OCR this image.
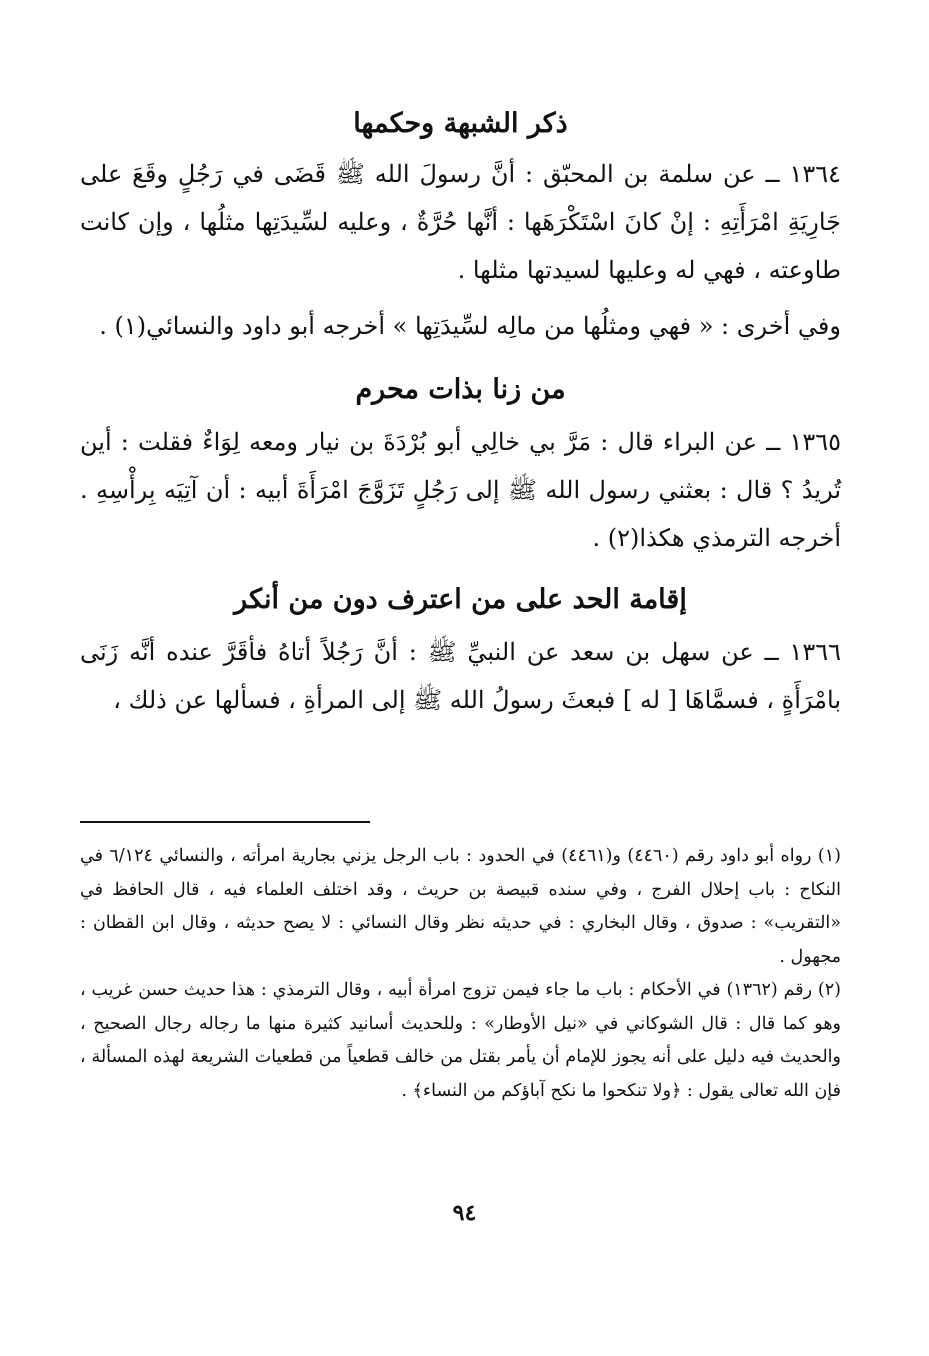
ذكر الشبهة وحكمها

١٣٦٤ ــ عن سلمة بن المحبّق : أنَّ رسولَ الله ﷺ قَضَى في رَجُلٍ وقَعَ على جَارِيَةِ امْرَأَتِهِ : إنْ كانَ اسْتَكْرَهَها : أنَّها حُرَّةٌ ، وعليه لسِّيدَتِها مثلُها ، وإن كانت طاوعته ، فهي له وعليها لسيدتها مثلها .

وفي أخرى : « فهي ومثلُها من مالِه لسِّيدَتِها » أخرجه أبو داود والنسائي(١) .

من زنا بذات محرم

١٣٦٥ ــ عن البراء قال : مَرَّ بي خالِي أبو بُرْدَةَ بن نيار ومعه لِوَاءٌ فقلت : أين تُريدُ ؟ قال : بعثني رسول الله ﷺ إلى رَجُلٍ تَزَوَّجَ امْرَأَةَ أبيه : أن آتِيَه بِرأْسِهِ . أخرجه الترمذي هكذا(٢) .

إقامة الحد على من اعترف دون من أنكر

١٣٦٦ ــ عن سهل بن سعد عن النبيِّ ﷺ : أنَّ رَجُلاً أتاهُ فأقَرَّ عنده أنَّه زَنَى بامْرَأَةٍ ، فسمَّاهَا [ له ] فبعثَ رسولُ الله ﷺ إلى المرأةِ ، فسألها عن ذلك ،

(١) رواه أبو داود رقم (٤٤٦٠) و(٤٤٦١) في الحدود : باب الرجل يزني بجارية امرأته ، والنسائي ٦/١٢٤ في النكاح : باب إحلال الفرج ، وفي سنده قبيصة بن حريث ، وقد اختلف العلماء فيه ، قال الحافظ في «التقريب» : صدوق ، وقال البخاري : في حديثه نظر وقال النسائي : لا يصح حديثه ، وقال ابن القطان : مجهول .

(٢) رقم (١٣٦٢) في الأحكام : باب ما جاء فيمن تزوج امرأة أبيه ، وقال الترمذي : هذا حديث حسن غريب ، وهو كما قال : قال الشوكاني في «نيل الأوطار» : وللحديث أسانيد كثيرة منها ما رجاله رجال الصحيح ، والحديث فيه دليل على أنه يجوز للإمام أن يأمر بقتل من خالف قطعياً من قطعيات الشريعة لهذه المسألة ، فإن الله تعالى يقول : ﴿ولا تنكحوا ما نكح آباؤكم من النساء﴾ .

٩٤
